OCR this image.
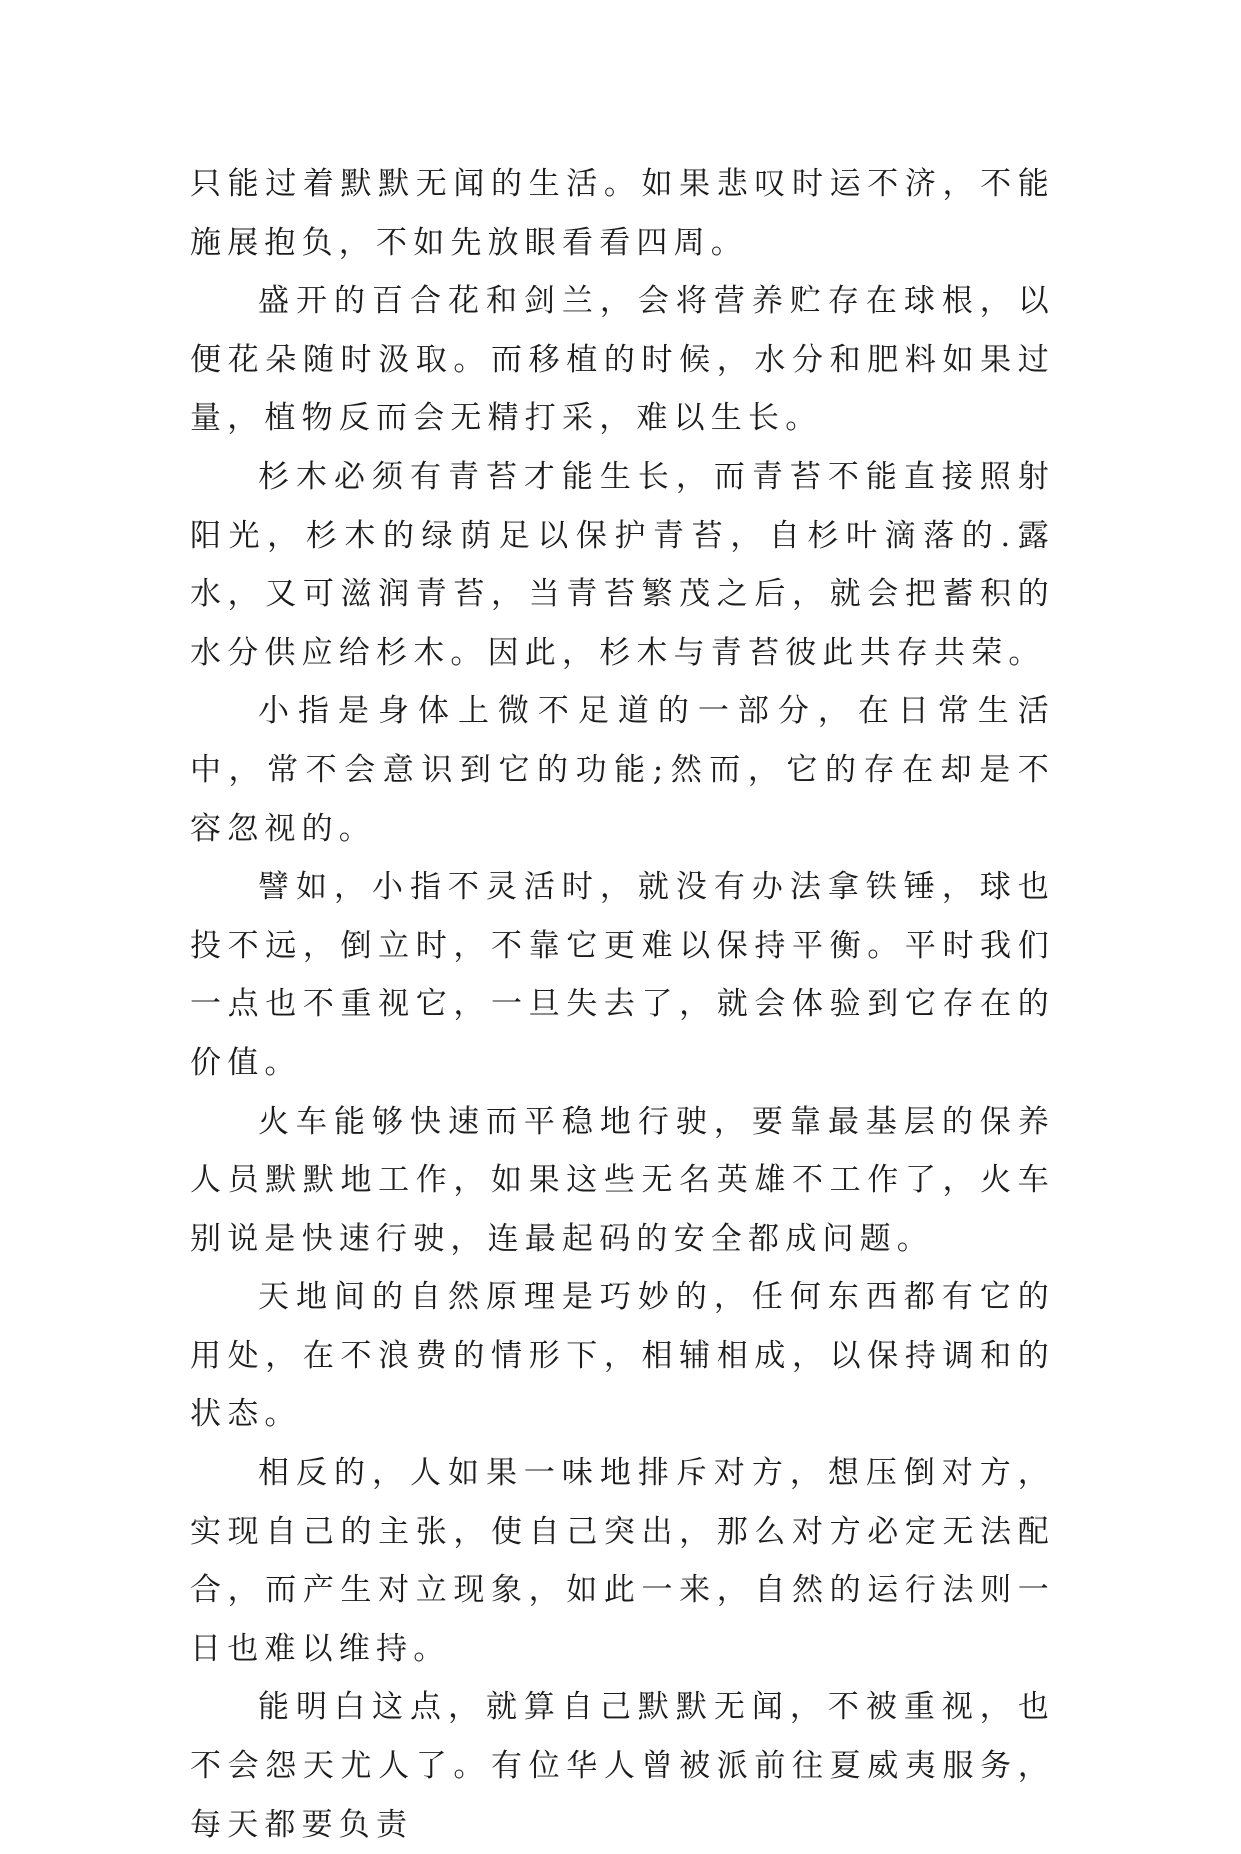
只能过着默默无闻的生活。如果悲叹时运不济，不能施展抱负，不如先放眼看看四周。

盛开的百合花和剑兰，会将营养贮存在球根，以便花朵随时汲取。而移植的时候，水分和肥料如果过量，植物反而会无精打采，难以生长。

杉木必须有青苔才能生长，而青苔不能直接照射阳光，杉木的绿荫足以保护青苔，自杉叶滴落的.露水，又可滋润青苔，当青苔繁茂之后，就会把蓄积的水分供应给杉木。因此，杉木与青苔彼此共存共荣。

小指是身体上微不足道的一部分，在日常生活中，常不会意识到它的功能;然而，它的存在却是不容忽视的。

譬如，小指不灵活时，就没有办法拿铁锤，球也投不远，倒立时，不靠它更难以保持平衡。平时我们一点也不重视它，一旦失去了，就会体验到它存在的价值。

火车能够快速而平稳地行驶，要靠最基层的保养人员默默地工作，如果这些无名英雄不工作了，火车别说是快速行驶，连最起码的安全都成问题。

天地间的自然原理是巧妙的，任何东西都有它的用处，在不浪费的情形下，相辅相成，以保持调和的状态。

相反的，人如果一味地排斥对方，想压倒对方，实现自己的主张，使自己突出，那么对方必定无法配合，而产生对立现象，如此一来，自然的运行法则一日也难以维持。

能明白这点，就算自己默默无闻，不被重视，也不会怨天尤人了。有位华人曾被派前往夏威夷服务，每天都要负责
